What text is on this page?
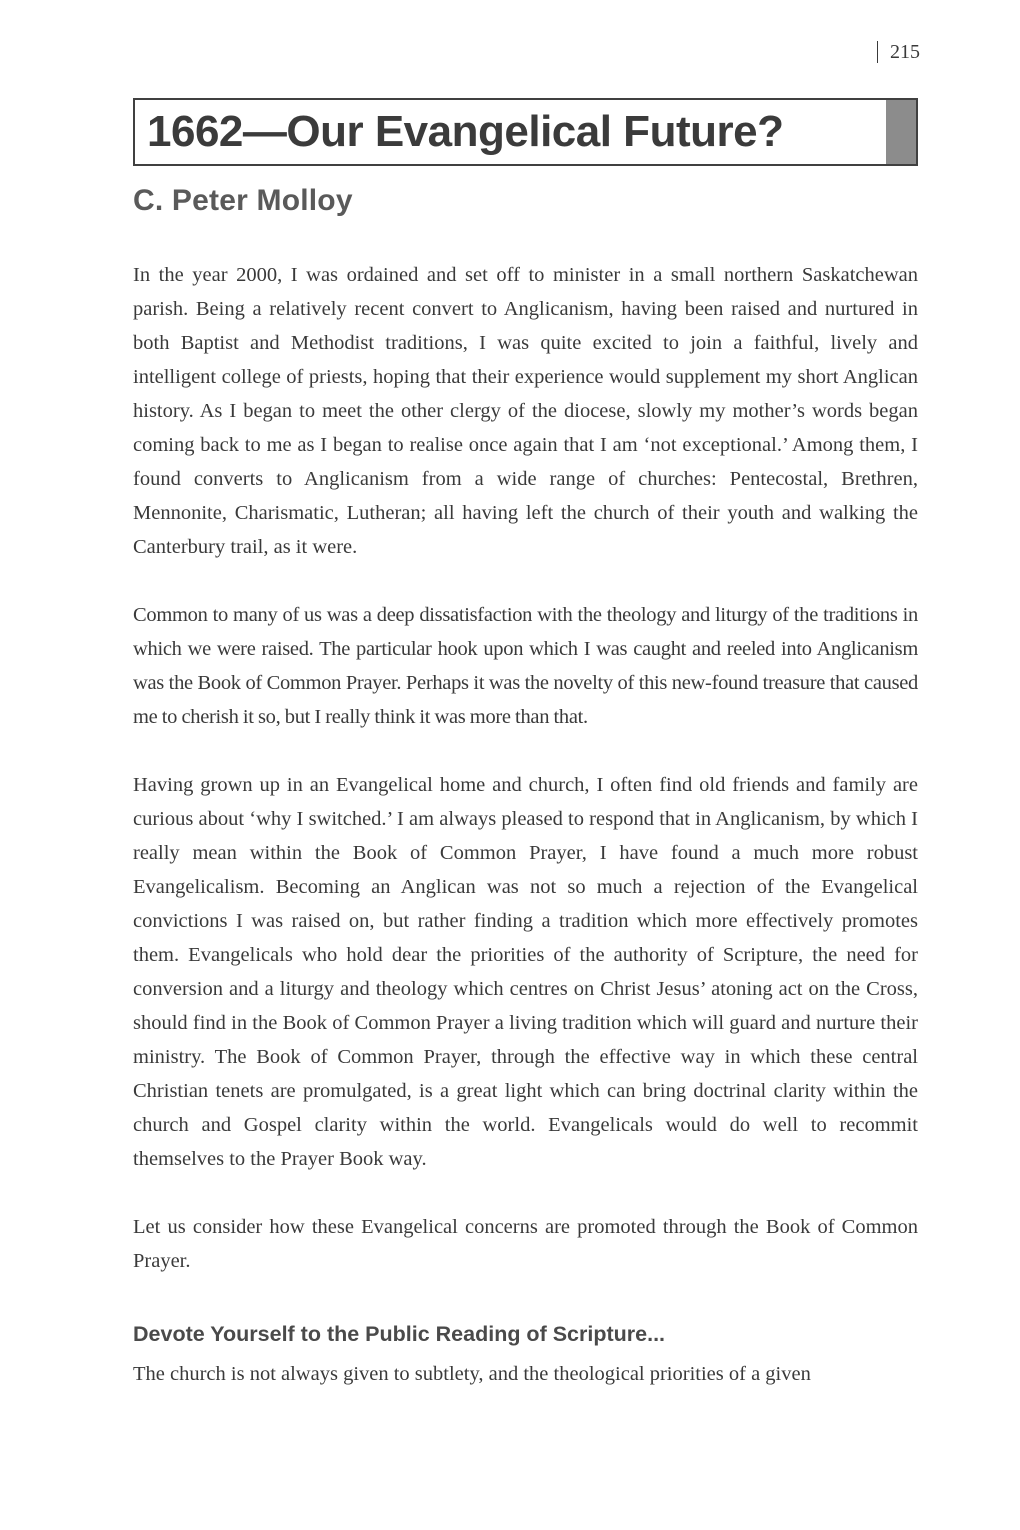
215
1662—Our Evangelical Future?
C. Peter Molloy

In the year 2000, I was ordained and set off to minister in a small northern Saskatchewan parish. Being a relatively recent convert to Anglicanism, having been raised and nurtured in both Baptist and Methodist traditions, I was quite excited to join a faithful, lively and intelligent college of priests, hoping that their experience would supplement my short Anglican history. As I began to meet the other clergy of the diocese, slowly my mother’s words began coming back to me as I began to realise once again that I am ‘not exceptional.’ Among them, I found converts to Anglicanism from a wide range of churches: Pentecostal, Brethren, Mennonite, Charismatic, Lutheran; all having left the church of their youth and walking the Canterbury trail, as it were.

Common to many of us was a deep dissatisfaction with the theology and liturgy of the traditions in which we were raised. The particular hook upon which I was caught and reeled into Anglicanism was the Book of Common Prayer. Perhaps it was the novelty of this new-found treasure that caused me to cherish it so, but I really think it was more than that.

Having grown up in an Evangelical home and church, I often find old friends and family are curious about ‘why I switched.’ I am always pleased to respond that in Anglicanism, by which I really mean within the Book of Common Prayer, I have found a much more robust Evangelicalism. Becoming an Anglican was not so much a rejection of the Evangelical convictions I was raised on, but rather finding a tradition which more effectively promotes them. Evangelicals who hold dear the priorities of the authority of Scripture, the need for conversion and a liturgy and theology which centres on Christ Jesus’ atoning act on the Cross, should find in the Book of Common Prayer a living tradition which will guard and nurture their ministry. The Book of Common Prayer, through the effective way in which these central Christian tenets are promulgated, is a great light which can bring doctrinal clarity within the church and Gospel clarity within the world. Evangelicals would do well to recommit themselves to the Prayer Book way.

Let us consider how these Evangelical concerns are promoted through the Book of Common Prayer.

Devote Yourself to the Public Reading of Scripture...

The church is not always given to subtlety, and the theological priorities of a given
